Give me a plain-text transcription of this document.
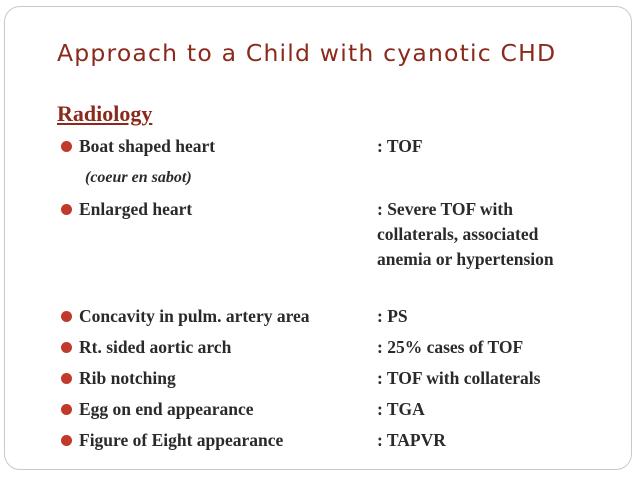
Approach to a Child with cyanotic CHD
Radiology
Boat shaped heart	: TOF
(coeur en sabot)
Enlarged heart	: Severe TOF with
collaterals, associated
anemia or hypertension
Concavity in pulm. artery area	: PS
Rt. sided aortic arch	: 25% cases of TOF
Rib notching	: TOF with collaterals
Egg on end appearance	: TGA
Figure of Eight appearance	: TAPVR
